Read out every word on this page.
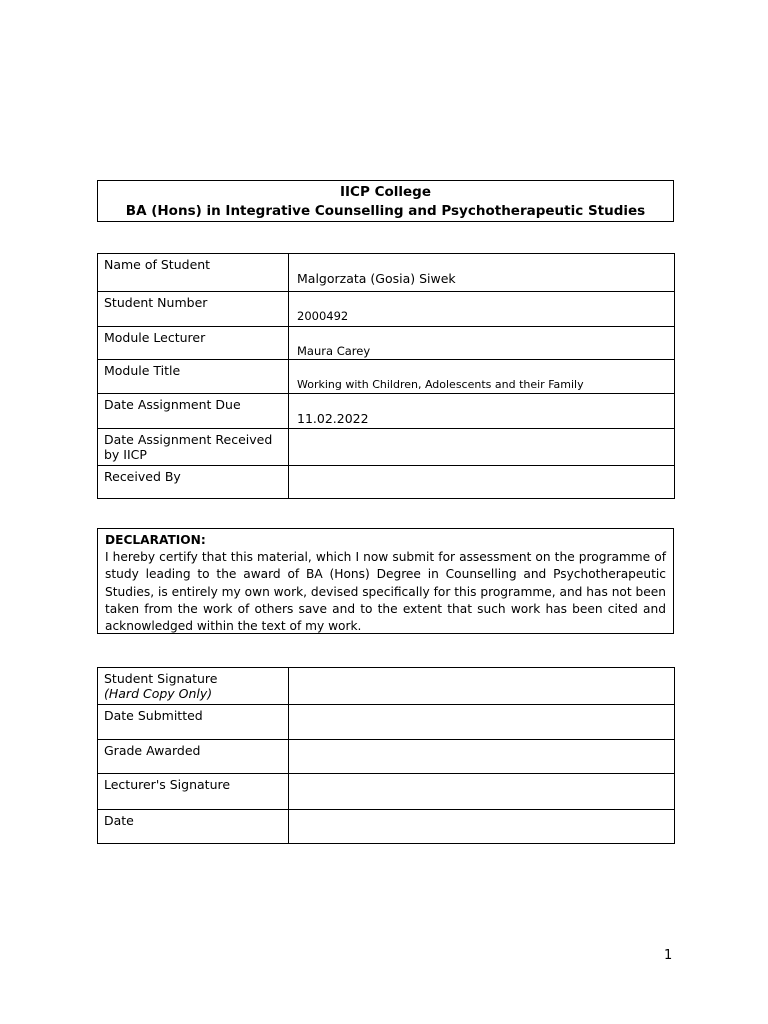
IICP College
BA (Hons) in Integrative Counselling and Psychotherapeutic Studies
Name of Student	Malgorzata (Gosia) Siwek

Student Number	2000492

Module Lecturer	Maura Carey

Module Title	Working with Children, Adolescents and their Family

Date Assignment Due	11.02.2022

Date Assignment Received by IICP	

Received By	
DECLARATION:
I hereby certify that this material, which I now submit for assessment on the programme of study leading to the award of BA (Hons) Degree in Counselling and Psychotherapeutic Studies, is entirely my own work, devised specifically for this programme, and has not been taken from the work of others save and to the extent that such work has been cited and acknowledged within the text of my work.
Student Signature
(Hard Copy Only)	

Date Submitted	
Grade Awarded	
Lecturer's Signature	
Date	
1
